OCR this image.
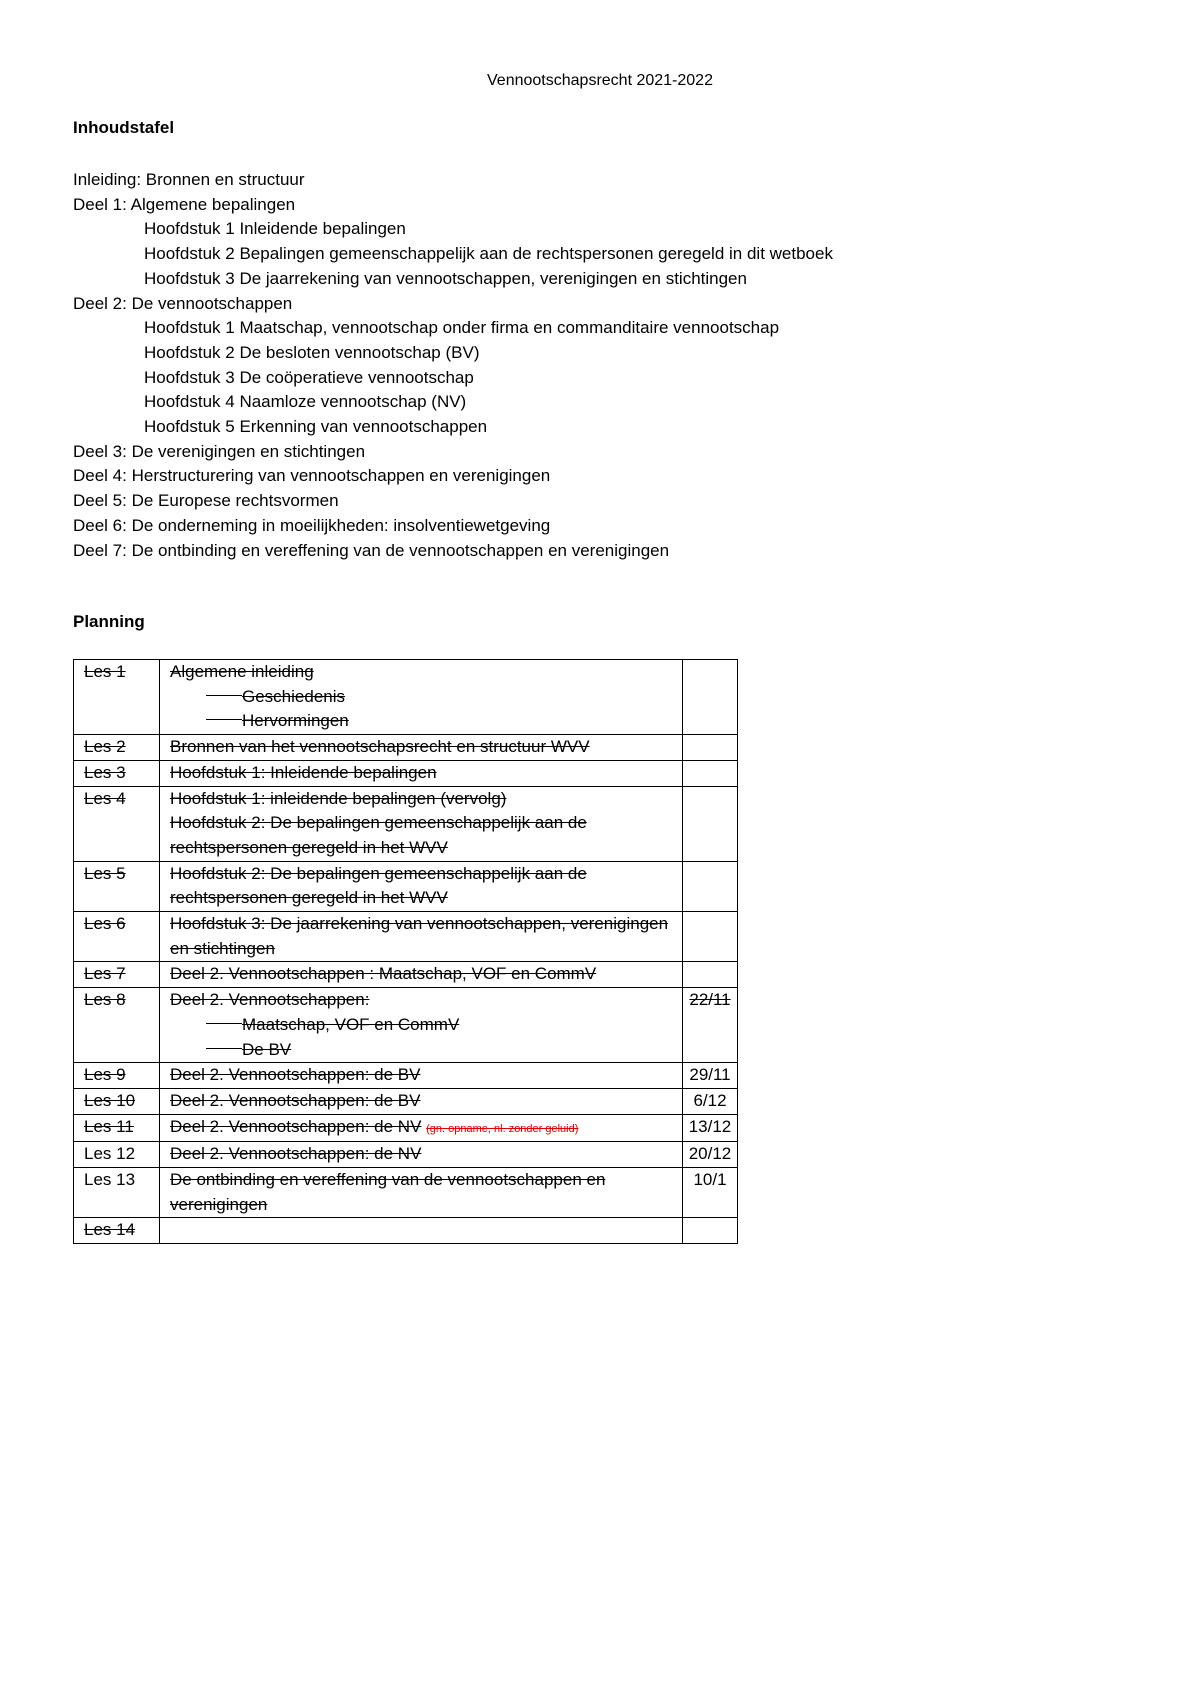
Vennootschapsrecht 2021-2022
Inhoudstafel
Inleiding: Bronnen en structuur
Deel 1: Algemene bepalingen
Hoofdstuk 1 Inleidende bepalingen
Hoofdstuk 2 Bepalingen gemeenschappelijk aan de rechtspersonen geregeld in dit wetboek
Hoofdstuk 3 De jaarrekening van vennootschappen, verenigingen en stichtingen
Deel 2: De vennootschappen
Hoofdstuk 1 Maatschap, vennootschap onder firma en commanditaire vennootschap
Hoofdstuk 2 De besloten vennootschap (BV)
Hoofdstuk 3 De coöperatieve vennootschap
Hoofdstuk 4 Naamloze vennootschap (NV)
Hoofdstuk 5 Erkenning van vennootschappen
Deel 3: De verenigingen en stichtingen
Deel 4: Herstructurering van vennootschappen en verenigingen
Deel 5: De Europese rechtsvormen
Deel 6: De onderneming in moeilijkheden: insolventiewetgeving
Deel 7: De ontbinding en vereffening van de vennootschappen en verenigingen
Planning
Les 1	Algemene inleiding
Geschiedenis
Hervormingen	

Les 2	Bronnen van het vennootschapsrecht en structuur WVV	

Les 3	Hoofdstuk 1: Inleidende bepalingen	

Les 4	Hoofdstuk 1: inleidende bepalingen (vervolg)
Hoofdstuk 2: De bepalingen gemeenschappelijk aan de rechtspersonen geregeld in het WVV	

Les 5	Hoofdstuk 2: De bepalingen gemeenschappelijk aan de rechtspersonen geregeld in het WVV	

Les 6	Hoofdstuk 3: De jaarrekening van vennootschappen, verenigingen en stichtingen	

Les 7	Deel 2. Vennootschappen : Maatschap, VOF en CommV	

Les 8	Deel 2. Vennootschappen:
Maatschap, VOF en CommV
De BV	22/11
Les 9	Deel 2. Vennootschappen: de BV	29/11
Les 10	Deel 2. Vennootschappen: de BV	6/12
Les 11	Deel 2. Vennootschappen: de NV (gn. opname, nl. zonder geluid)	13/12
Les 12	Deel 2. Vennootschappen: de NV	20/12
Les 13	De ontbinding en vereffening van de vennootschappen en verenigingen	10/1
Les 14		
